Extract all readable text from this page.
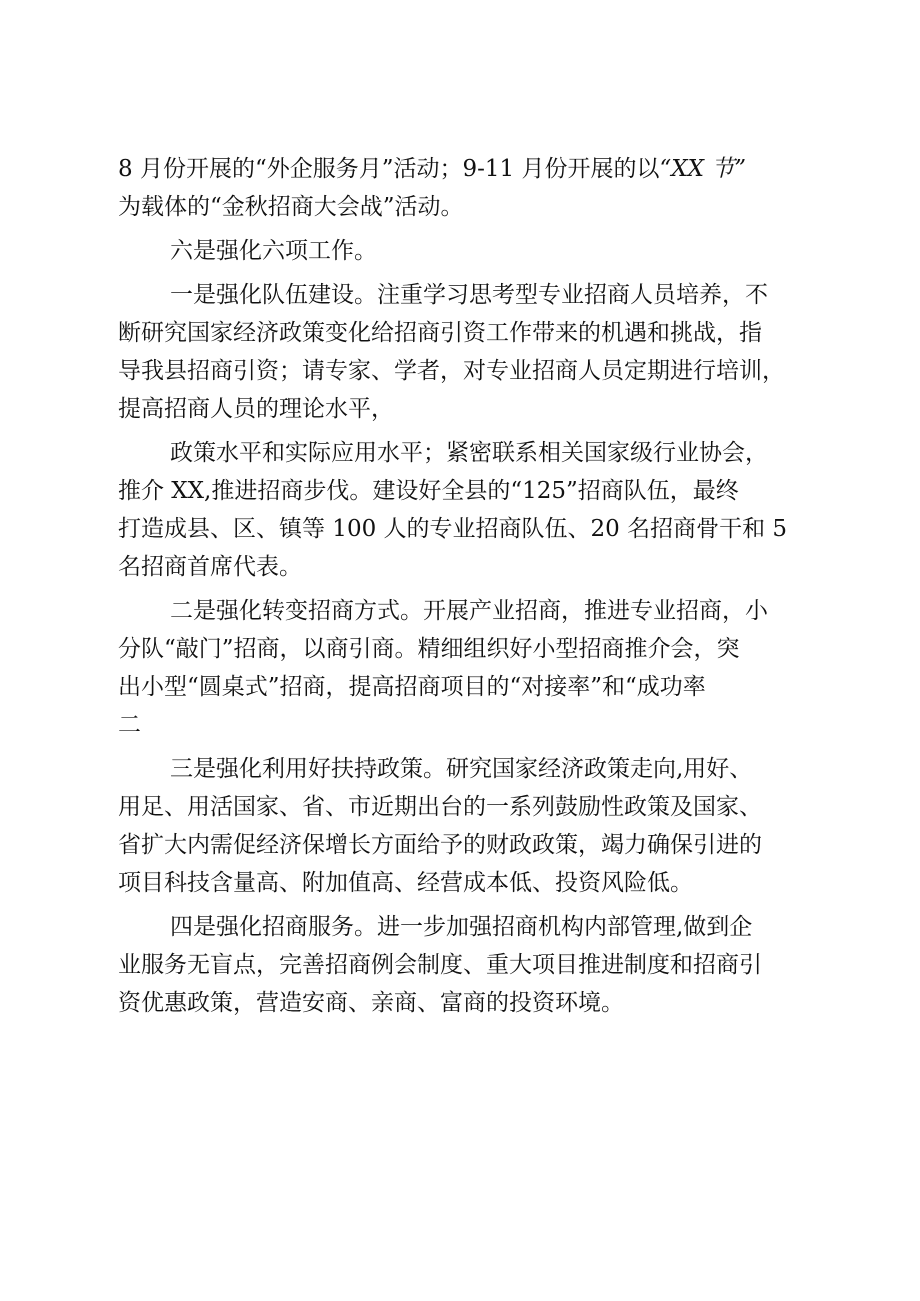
8 月份开展的“外企服务月”活动；9-11 月份开展的以“XX 节”
为载体的“金秋招商大会战”活动。
六是强化六项工作。
一是强化队伍建设。注重学习思考型专业招商人员培养，不
断研究国家经济政策变化给招商引资工作带来的机遇和挑战，指
导我县招商引资；请专家、学者，对专业招商人员定期进行培训，
提高招商人员的理论水平，
政策水平和实际应用水平；紧密联系相关国家级行业协会，
推介 XX,推进招商步伐。建设好全县的“125”招商队伍，最终
打造成县、区、镇等 100 人的专业招商队伍、20 名招商骨干和 5
名招商首席代表。
二是强化转变招商方式。开展产业招商，推进专业招商，小
分队“敲门”招商，以商引商。精细组织好小型招商推介会，突
出小型“圆桌式”招商，提高招商项目的“对接率”和“成功率
二
三是强化利用好扶持政策。研究国家经济政策走向,用好、
用足、用活国家、省、市近期出台的一系列鼓励性政策及国家、
省扩大内需促经济保增长方面给予的财政政策，竭力确保引进的
项目科技含量高、附加值高、经营成本低、投资风险低。
四是强化招商服务。进一步加强招商机构内部管理,做到企
业服务无盲点，完善招商例会制度、重大项目推进制度和招商引
资优惠政策，营造安商、亲商、富商的投资环境。
